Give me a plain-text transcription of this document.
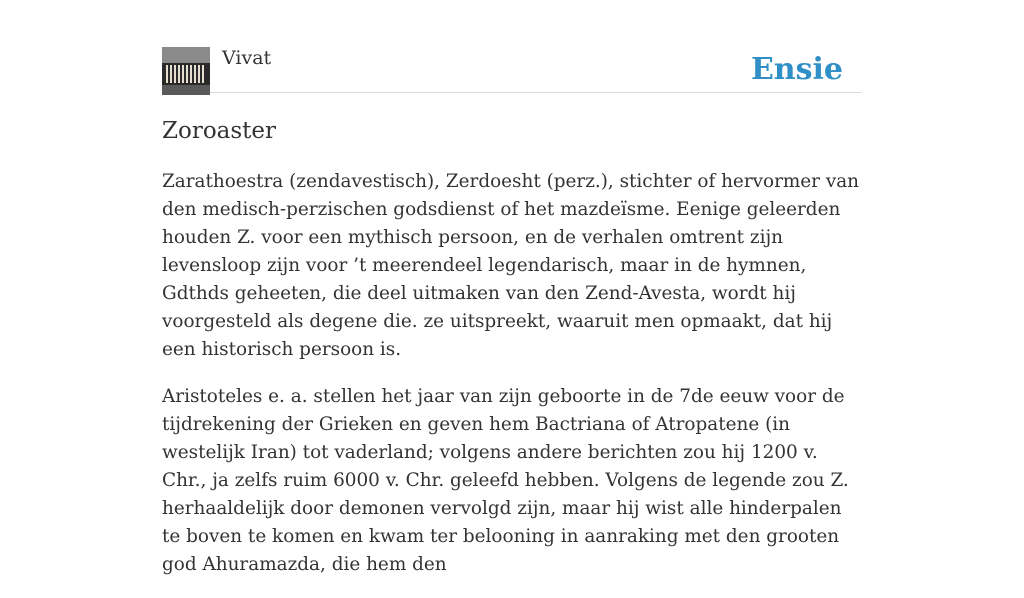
Vivat	Ensie
Zoroaster

Zarathoestra (zendavestisch), Zerdoesht (perz.), stichter of hervormer van den medisch-perzischen godsdienst of het mazdeïsme. Eenige geleerden houden Z. voor een mythisch persoon, en de verhalen omtrent zijn levensloop zijn voor ’t meerendeel legendarisch, maar in de hymnen, Gdthds geheeten, die deel uitmaken van den Zend-Avesta, wordt hij voorgesteld als degene die. ze uitspreekt, waaruit men opmaakt, dat hij een historisch persoon is.

Aristoteles e. a. stellen het jaar van zijn geboorte in de 7de eeuw voor de tijdrekening der Grieken en geven hem Bactriana of Atropatene (in westelijk Iran) tot vaderland; volgens andere berichten zou hij 1200 v. Chr., ja zelfs ruim 6000 v. Chr. geleefd hebben. Volgens de legende zou Z. herhaaldelijk door demonen vervolgd zijn, maar hij wist alle hinderpalen te boven te komen en kwam ter belooning in aanraking met den grooten god Ahuramazda, die hem den
